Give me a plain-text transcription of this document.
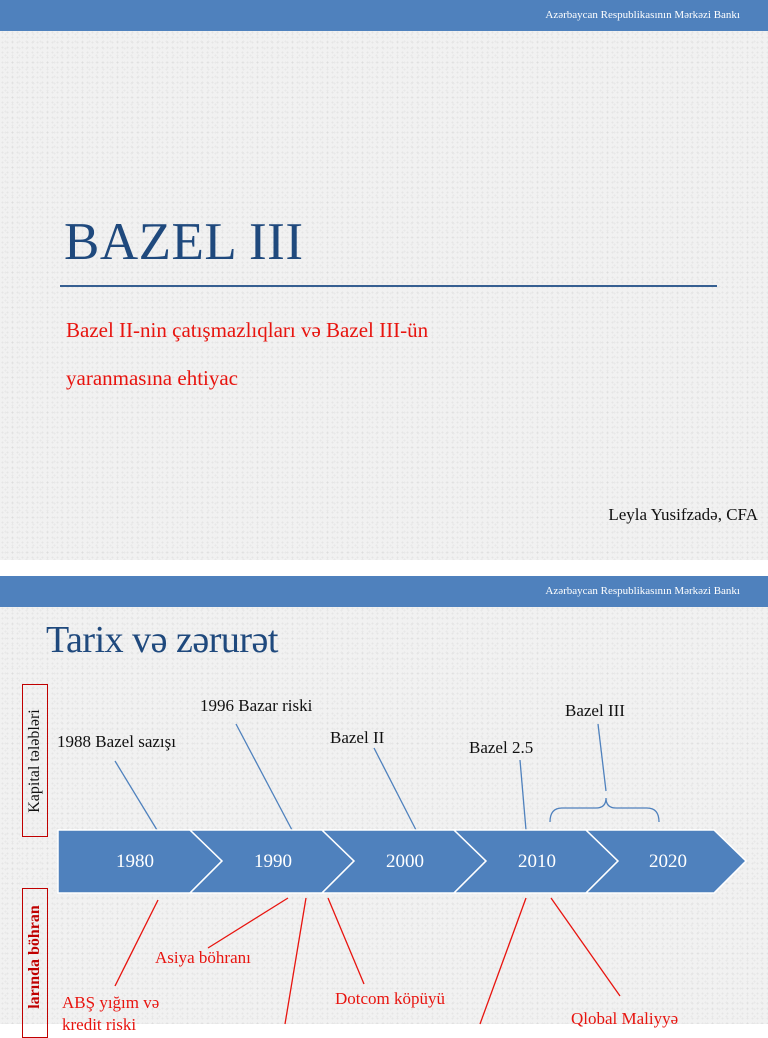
Azərbaycan Respublikasının Mərkəzi Bankı
BAZEL III
Bazel II-nin çatışmazlıqları və Bazel III-ün
yaranmasına ehtiyac
Leyla Yusifzadə, CFA
Azərbaycan Respublikasının Mərkəzi Bankı
Tarix və zərurət
Kapital tələbləri
larında böhran
1980	1990	2000	2010	2020
1988 Bazel sazışı
1996 Bazar riski
Bazel II
Bazel 2.5
Bazel III
ABŞ yığım və
kredit riski
Asiya böhranı
Dotcom köpüyü
Qlobal Maliyyə
